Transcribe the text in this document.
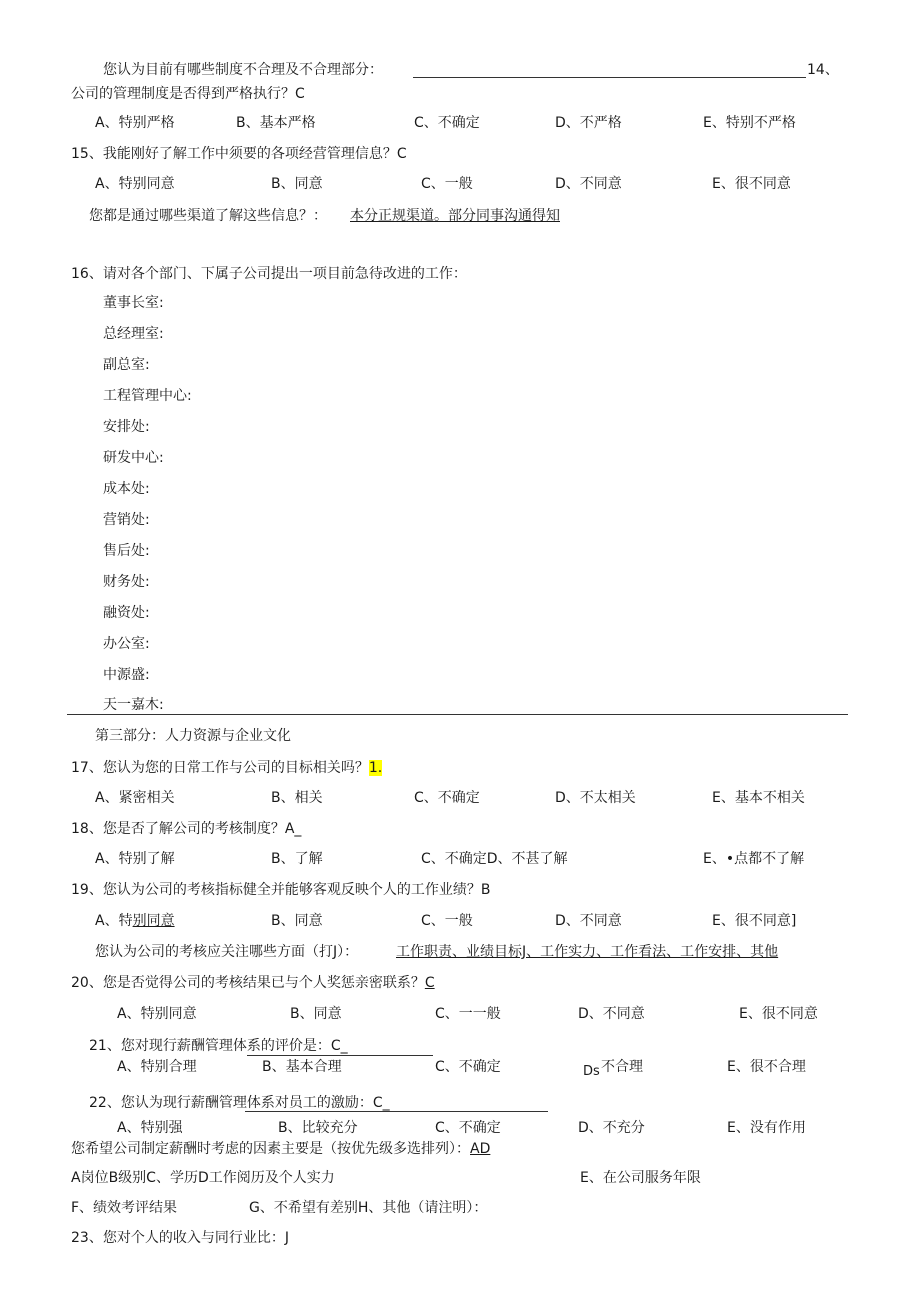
您认为目前有哪些制度不合理及不合理部分：	14、
公司的管理制度是否得到严格执行？C
A、特别严格	B、基本严格	C、不确定	D、不严格	E、特别不严格
15、我能刚好了解工作中须要的各项经营管理信息？C
A、特别同意	B、同意	C、一般	D、不同意	E、很不同意
您都是通过哪些渠道了解这些信息？： 本分正规渠道。部分同事沟通得知
16、请对各个部门、下属子公司提出一项目前急待改进的工作：
董事长室:
总经理室:
副总室:
工程管理中心:
安排处:
研发中心:
成本处:
营销处:
售后处:
财务处:
融资处:
办公室:
中源盛:
天一嘉木:
第三部分：人力资源与企业文化
17、您认为您的日常工作与公司的目标相关吗？1.
A、紧密相关	B、相关	C、不确定	D、不太相关	E、基本不相关
18、您是否了解公司的考核制度？A_
A、特别了解	B、了解	C、不确定D、不甚了解	E、•点都不了解
19、您认为公司的考核指标健全并能够客观反映个人的工作业绩？B
A、特别同意	B、同意	C、一般	D、不同意	E、很不同意]
您认为公司的考核应关注哪些方面（打J）：	工作职责、业绩目标J、工作实力、工作看法、工作安排、其他
20、您是否觉得公司的考核结果已与个人奖惩亲密联系？C
A、特别同意	B、同意	C、一一般	D、不同意	E、很不同意
21、您对现行薪酬管理体系的评价是：C_
A、特别合理	B、基本合理	C、不确定	Ds 不合理	E、很不合理
22、您认为现行薪酬管理体系对员工的激励：C_
A、特别强	B、比较充分	C、不确定	D、不充分	E、没有作用
您希望公司制定薪酬时考虑的因素主要是（按优先级多选排列）：AD
A岗位B级别C、学历D工作阅历及个人实力	E、在公司服务年限
F、绩效考评结果	G、不希望有差别H、其他（请注明）：
23、您对个人的收入与同行业比：J
